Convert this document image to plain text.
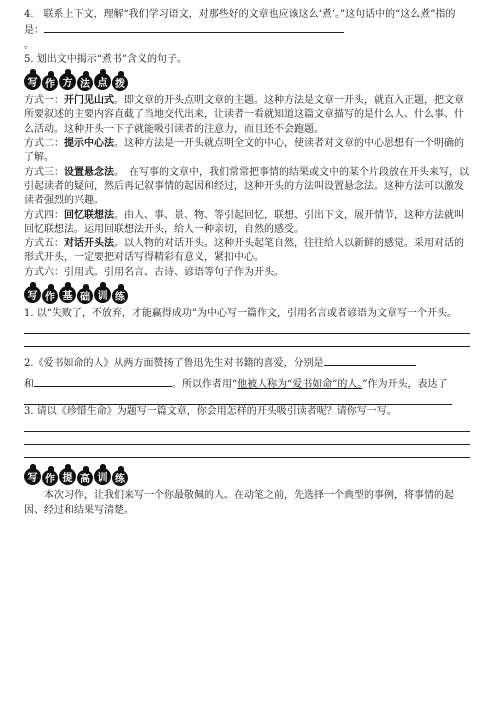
4.　联系上下文，理解“我们学习语文，对那些好的文章也应该这么‘煮’。”这句话中的“这么煮”指的是：

。

5. 划出文中揭示“煮书”含义的句子。

写 作 方 法 点 拨

方式一：开门见山式。即文章的开头点明文章的主题。这种方法是文章一开头，就直入正题，把文章所要叙述的主要内容直截了当地交代出来，让读者一看就知道这篇文章描写的是什么人、什么事、什么活动。这种开头一下子就能吸引读者的注意力，而且还不会跑题。

方式二：提示中心法。这种方法是一开头就点明全文的中心，使读者对文章的中心思想有一个明确的了解。

方式三：设置悬念法。　在写事的文章中，我们常常把事情的结果或文中的某个片段放在开头来写，以引起读者的疑问，然后再记叙事情的起因和经过，这种开头的方法叫设置悬念法。这种方法可以激发读者强烈的兴趣。

方式四：回忆联想法。由人、事、景、物、等引起回忆，联想、引出下文，展开情节，这种方法就叫回忆联想法。运用回联想法开头，给人一种亲切，自然的感受。

方式五：对话开头法。以人物的对话开头。这种开头起笔自然，往往给人以新鲜的感觉。采用对话的形式开头，一定要把对话写得精彩有意义，紧扣中心。

方式六：引用式。引用名言、古诗、谚语等句子作为开头。

写 作 基 础 训 练

1. 以“失败了，不放弃，才能赢得成功”为中心写一篇作文，引用名言或者谚语为文章写一个开头。

2.《爱书如命的人》从两方面赞扬了鲁迅先生对书籍的喜爱，分别是

和	。所以作者用“他被人称为“爱书如命”的人。”作为开头，表达了

3. 请以《珍惜生命》为题写一篇文章，你会用怎样的开头吸引读者呢？请你写一写。

写 作 提 高 训 练

本次习作，让我们来写一个你最敬佩的人。在动笔之前，先选择一个典型的事例，将事情的起因、经过和结果写清楚。
